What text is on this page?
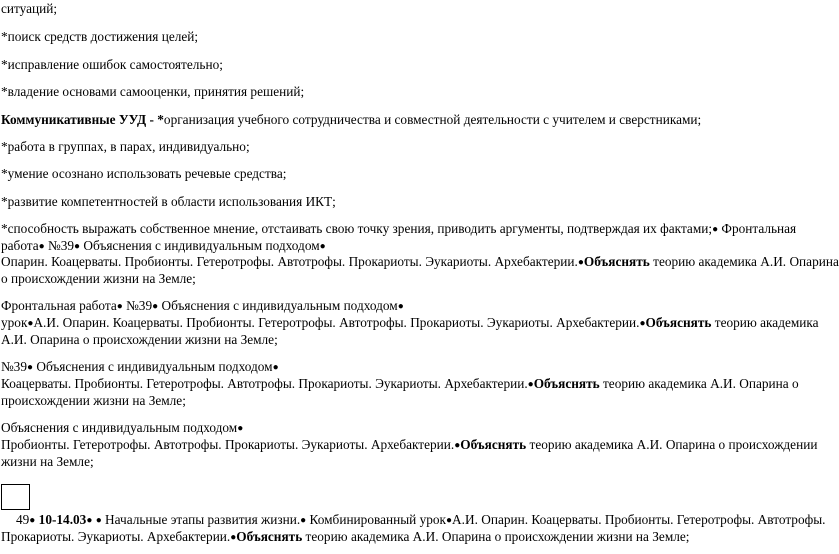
ситуаций;
*поиск средств достижения целей;
*исправление ошибок самостоятельно;
*владение основами самооценки, принятия решений;
Коммуникативные УУД - *организация учебного сотрудничества и совместной деятельности с учителем и сверстниками;
*работа в группах, в парах, индивидуально;
*умение осознано использовать речевые средства;
*развитие компетентностей в области использования ИКТ;
*способность выражать собственное мнение, отстаивать свою точку зрения, приводить аргументы, подтверждая их фактами;● Фронтальная
работа● №39● Объяснения с индивидуальным подходом●
Опарин. Коацерваты. Пробионты. Гетеротрофы. Автотрофы. Прокариоты. Эукариоты. Архебактерии.●Объяснять теорию академика А.И. Опарина
о происхождении жизни на Земле;
Фронтальная работа● №39● Объяснения с индивидуальным подходом●
урок●А.И. Опарин. Коацерваты. Пробионты. Гетеротрофы. Автотрофы. Прокариоты. Эукариоты. Архебактерии.●Объяснять теорию академика
А.И. Опарина о происхождении жизни на Земле;
№39● Объяснения с индивидуальным подходом●
Коацерваты. Пробионты. Гетеротрофы. Автотрофы. Прокариоты. Эукариоты. Архебактерии.●Объяснять теорию академика А.И. Опарина о
происхождении жизни на Земле;
Объяснения с индивидуальным подходом●
Пробионты. Гетеротрофы. Автотрофы. Прокариоты. Эукариоты. Архебактерии.●Объяснять теорию академика А.И. Опарина о происхождении
жизни на Земле;
49● 10-14.03● ● Начальные этапы развития жизни.● Комбинированный урок●А.И. Опарин. Коацерваты. Пробионты. Гетеротрофы. Автотрофы.
Прокариоты. Эукариоты. Архебактерии.●Объяснять теорию академика А.И. Опарина о происхождении жизни на Земле;
